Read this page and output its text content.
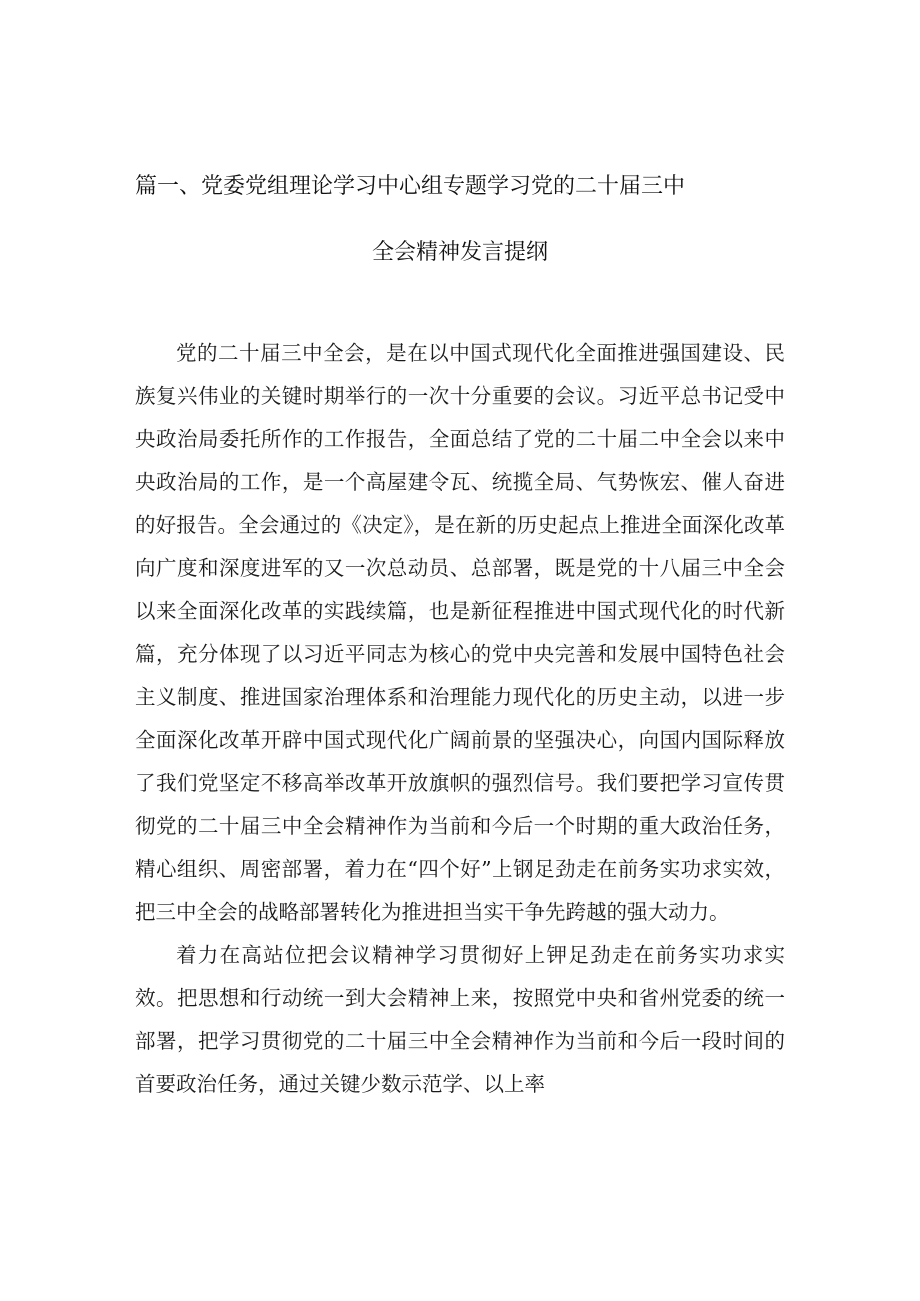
篇一、党委党组理论学习中心组专题学习党的二十届三中
全会精神发言提纲

党的二十届三中全会，是在以中国式现代化全面推进强国建设、民族复兴伟业的关键时期举行的一次十分重要的会议。习近平总书记受中央政治局委托所作的工作报告，全面总结了党的二十届二中全会以来中央政治局的工作，是一个高屋建令瓦、统揽全局、气势恢宏、催人奋进的好报告。全会通过的《决定》，是在新的历史起点上推进全面深化改革向广度和深度进军的又一次总动员、总部署，既是党的十八届三中全会以来全面深化改革的实践续篇，也是新征程推进中国式现代化的时代新篇，充分体现了以习近平同志为核心的党中央完善和发展中国特色社会主义制度、推进国家治理体系和治理能力现代化的历史主动，以进一步全面深化改革开辟中国式现代化广阔前景的坚强决心，向国内国际释放了我们党坚定不移高举改革开放旗帜的强烈信号。我们要把学习宣传贯彻党的二十届三中全会精神作为当前和今后一个时期的重大政治任务，精心组织、周密部署，着力在“四个好”上钢足劲走在前务实功求实效，把三中全会的战略部署转化为推进担当实干争先跨越的强大动力。

着力在高站位把会议精神学习贯彻好上钾足劲走在前务实功求实效。把思想和行动统一到大会精神上来，按照党中央和省州党委的统一部署，把学习贯彻党的二十届三中全会精神作为当前和今后一段时间的首要政治任务，通过关键少数示范学、以上率
